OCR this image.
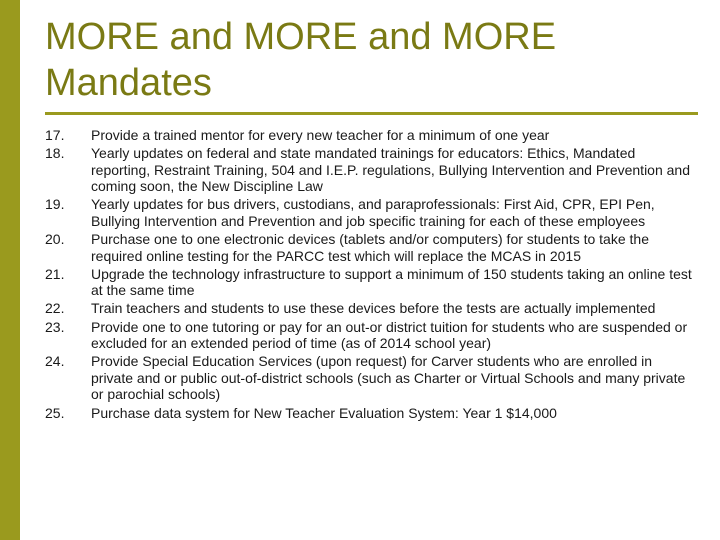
MORE and MORE and MORE
Mandates
17.	Provide a trained mentor for every new teacher for a minimum of one year
18.	Yearly updates on federal and state mandated trainings for educators: Ethics, Mandated reporting, Restraint Training, 504 and I.E.P. regulations, Bullying Intervention and Prevention and coming soon, the New Discipline Law
19.	Yearly updates for bus drivers, custodians, and paraprofessionals: First Aid, CPR, EPI Pen, Bullying Intervention and Prevention and job specific training for each of these employees
20.	Purchase one to one electronic devices (tablets and/or computers) for students to take the required online testing for the PARCC test which will replace the MCAS in 2015
21.	Upgrade the technology infrastructure to support a minimum of 150 students taking an online test at the same time
22.	Train teachers and students to use these devices before the tests are actually implemented
23.	Provide one to one tutoring or pay for an out-or district tuition for students who are suspended or excluded for an extended period of time (as of 2014 school year)
24.	Provide Special Education Services (upon request) for Carver students who are enrolled in private and or public out-of-district schools (such as Charter or Virtual Schools and many private or parochial schools)
25.	Purchase data system for New Teacher Evaluation System: Year 1 $14,000
